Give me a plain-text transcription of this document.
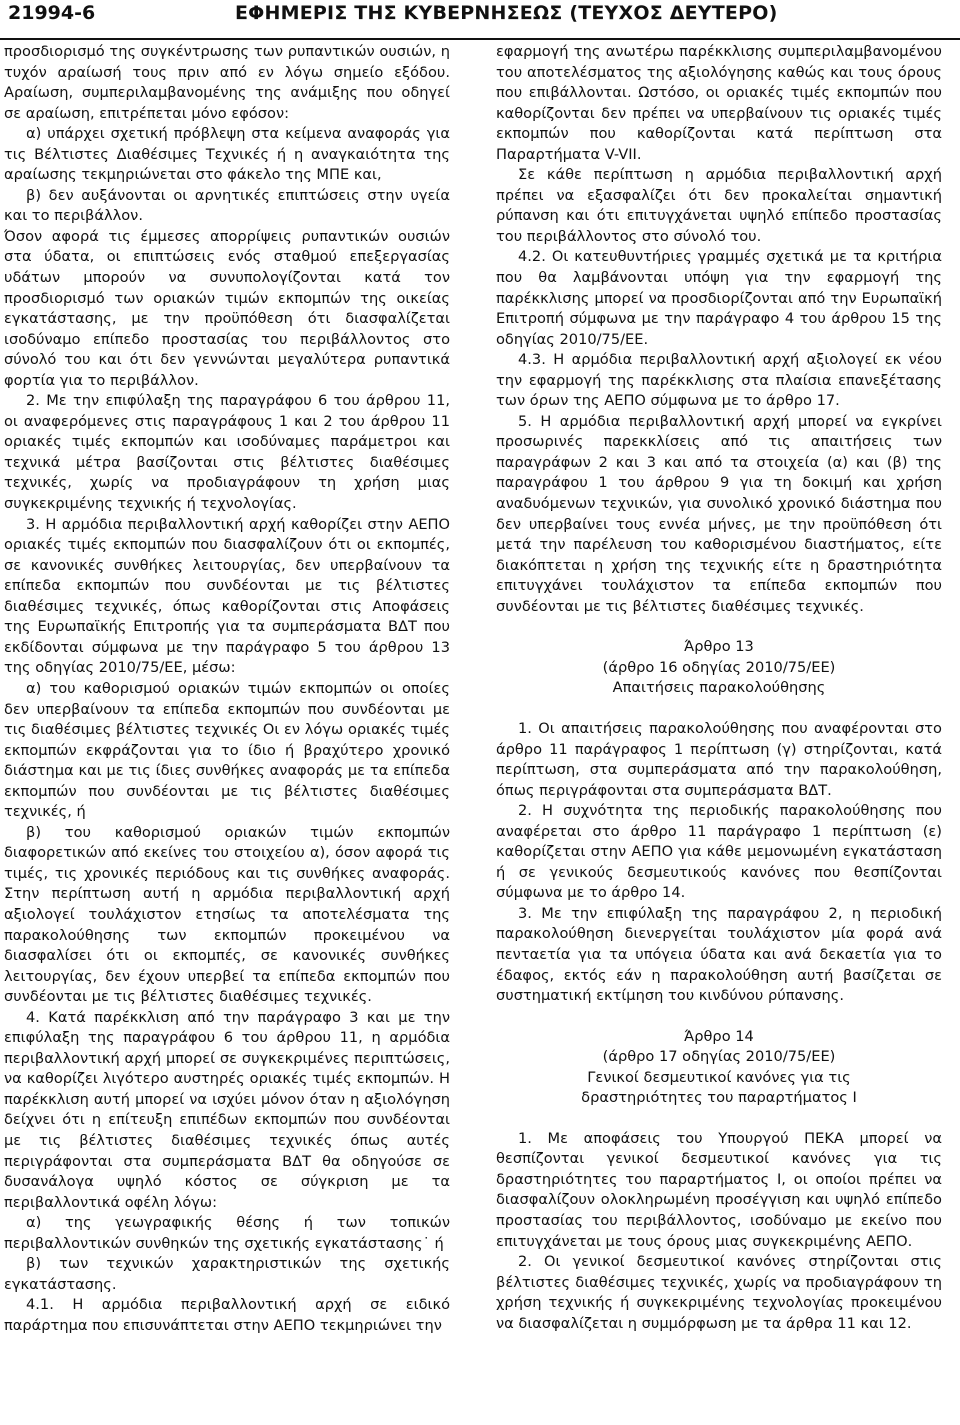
21994-6	ΕΦΗΜΕΡΙΣ ΤΗΣ ΚΥΒΕΡΝΗΣΕΩΣ (ΤΕΥΧΟΣ ΔΕΥΤΕΡΟ)

προσδιορισμό της συγκέντρωσης των ρυπαντικών ουσιών, η τυχόν αραίωσή τους πριν από εν λόγω σημείο εξόδου. Αραίωση, συμπεριλαμβανομένης της ανάμιξης που οδηγεί σε αραίωση, επιτρέπεται μόνο εφόσον:

α) υπάρχει σχετική πρόβλεψη στα κείμενα αναφοράς για τις Βέλτιστες Διαθέσιμες Τεχνικές ή η αναγκαιότητα της αραίωσης τεκμηριώνεται στο φάκελο της ΜΠΕ και,

β) δεν αυξάνονται οι αρνητικές επιπτώσεις στην υγεία και το περιβάλλον.

Όσον αφορά τις έμμεσες απορρίψεις ρυπαντικών ουσιών στα ύδατα, οι επιπτώσεις ενός σταθμού επεξεργασίας υδάτων μπορούν να συνυπολογίζονται κατά τον προσδιορισμό των οριακών τιμών εκπομπών της οικείας εγκατάστασης, με την προϋπόθεση ότι διασφαλίζεται ισοδύναμο επίπεδο προστασίας του περιβάλλοντος στο σύνολό του και ότι δεν γεννώνται μεγαλύτερα ρυπαντικά φορτία για το περιβάλλον.

2. Με την επιφύλαξη της παραγράφου 6 του άρθρου 11, οι αναφερόμενες στις παραγράφους 1 και 2 του άρθρου 11 οριακές τιμές εκπομπών και ισοδύναμες παράμετροι και τεχνικά μέτρα βασίζονται στις βέλτιστες διαθέσιμες τεχνικές, χωρίς να προδιαγράφουν τη χρήση μιας συγκεκριμένης τεχνικής ή τεχνολογίας.

3. Η αρμόδια περιβαλλοντική αρχή καθορίζει στην ΑΕΠΟ οριακές τιμές εκπομπών που διασφαλίζουν ότι οι εκπομπές, σε κανονικές συνθήκες λειτουργίας, δεν υπερβαίνουν τα επίπεδα εκπομπών που συνδέονται με τις βέλτιστες διαθέσιμες τεχνικές, όπως καθορίζονται στις Αποφάσεις της Ευρωπαϊκής Επιτροπής για τα συμπεράσματα ΒΔΤ που εκδίδονται σύμφωνα με την παράγραφο 5 του άρθρου 13 της οδηγίας 2010/75/ΕΕ, μέσω:

α) του καθορισμού οριακών τιμών εκπομπών οι οποίες δεν υπερβαίνουν τα επίπεδα εκπομπών που συνδέονται με τις διαθέσιμες βέλτιστες τεχνικές Οι εν λόγω οριακές τιμές εκπομπών εκφράζονται για το ίδιο ή βραχύτερο χρονικό διάστημα και με τις ίδιες συνθήκες αναφοράς με τα επίπεδα εκπομπών που συνδέονται με τις βέλτιστες διαθέσιμες τεχνικές, ή

β) του καθορισμού οριακών τιμών εκπομπών διαφορετικών από εκείνες του στοιχείου α), όσον αφορά τις τιμές, τις χρονικές περιόδους και τις συνθήκες αναφοράς. Στην περίπτωση αυτή η αρμόδια περιβαλλοντική αρχή αξιολογεί τουλάχιστον ετησίως τα αποτελέσματα της παρακολούθησης των εκπομπών προκειμένου να διασφαλίσει ότι οι εκπομπές, σε κανονικές συνθήκες λειτουργίας, δεν έχουν υπερβεί τα επίπεδα εκπομπών που συνδέονται με τις βέλτιστες διαθέσιμες τεχνικές.

4. Κατά παρέκκλιση από την παράγραφο 3 και με την επιφύλαξη της παραγράφου 6 του άρθρου 11, η αρμόδια περιβαλλοντική αρχή μπορεί σε συγκεκριμένες περιπτώσεις, να καθορίζει λιγότερο αυστηρές οριακές τιμές εκπομπών. Η παρέκκλιση αυτή μπορεί να ισχύει μόνον όταν η αξιολόγηση δείχνει ότι η επίτευξη επιπέδων εκπομπών που συνδέονται με τις βέλτιστες διαθέσιμες τεχνικές όπως αυτές περιγράφονται στα συμπεράσματα ΒΔΤ θα οδηγούσε σε δυσανάλογα υψηλό κόστος σε σύγκριση με τα περιβαλλοντικά οφέλη λόγω:

α) της γεωγραφικής θέσης ή των τοπικών περιβαλλοντικών συνθηκών της σχετικής εγκατάστασης˙ ή

β) των τεχνικών χαρακτηριστικών της σχετικής εγκατάστασης.

4.1. Η αρμόδια περιβαλλοντική αρχή σε ειδικό παράρτημα που επισυνάπτεται στην ΑΕΠΟ τεκμηριώνει την

εφαρμογή της ανωτέρω παρέκκλισης συμπεριλαμβανομένου του αποτελέσματος της αξιολόγησης καθώς και τους όρους που επιβάλλονται. Ωστόσο, οι οριακές τιμές εκπομπών που καθορίζονται δεν πρέπει να υπερβαίνουν τις οριακές τιμές εκπομπών που καθορίζονται κατά περίπτωση στα Παραρτήματα V-VII.

Σε κάθε περίπτωση η αρμόδια περιβαλλοντική αρχή πρέπει να εξασφαλίζει ότι δεν προκαλείται σημαντική ρύπανση και ότι επιτυγχάνεται υψηλό επίπεδο προστασίας του περιβάλλοντος στο σύνολό του.

4.2. Οι κατευθυντήριες γραμμές σχετικά με τα κριτήρια που θα λαμβάνονται υπόψη για την εφαρμογή της παρέκκλισης μπορεί να προσδιορίζονται από την Ευρωπαϊκή Επιτροπή σύμφωνα με την παράγραφο 4 του άρθρου 15 της οδηγίας 2010/75/ΕΕ.

4.3. Η αρμόδια περιβαλλοντική αρχή αξιολογεί εκ νέου την εφαρμογή της παρέκκλισης στα πλαίσια επανεξέτασης των όρων της ΑΕΠΟ σύμφωνα με το άρθρο 17.

5. Η αρμόδια περιβαλλοντική αρχή μπορεί να εγκρίνει προσωρινές παρεκκλίσεις από τις απαιτήσεις των παραγράφων 2 και 3 και από τα στοιχεία (α) και (β) της παραγράφου 1 του άρθρου 9 για τη δοκιμή και χρήση αναδυόμενων τεχνικών, για συνολικό χρονικό διάστημα που δεν υπερβαίνει τους εννέα μήνες, με την προϋπόθεση ότι μετά την παρέλευση του καθορισμένου διαστήματος, είτε διακόπτεται η χρήση της τεχνικής είτε η δραστηριότητα επιτυγχάνει τουλάχιστον τα επίπεδα εκπομπών που συνδέονται με τις βέλτιστες διαθέσιμες τεχνικές.

Άρθρο 13

(άρθρο 16 οδηγίας 2010/75/ΕΕ)

Απαιτήσεις παρακολούθησης

1. Οι απαιτήσεις παρακολούθησης που αναφέρονται στο άρθρο 11 παράγραφος 1 περίπτωση (γ) στηρίζονται, κατά περίπτωση, στα συμπεράσματα από την παρακολούθηση, όπως περιγράφονται στα συμπεράσματα ΒΔΤ.

2. Η συχνότητα της περιοδικής παρακολούθησης που αναφέρεται στο άρθρο 11 παράγραφο 1 περίπτωση (ε) καθορίζεται στην ΑΕΠΟ για κάθε μεμονωμένη εγκατάσταση ή σε γενικούς δεσμευτικούς κανόνες που θεσπίζονται σύμφωνα με το άρθρο 14.

3. Με την επιφύλαξη της παραγράφου 2, η περιοδική παρακολούθηση διενεργείται τουλάχιστον μία φορά ανά πενταετία για τα υπόγεια ύδατα και ανά δεκαετία για το έδαφος, εκτός εάν η παρακολούθηση αυτή βασίζεται σε συστηματική εκτίμηση του κινδύνου ρύπανσης.

Άρθρο 14

(άρθρο 17 οδηγίας 2010/75/ΕΕ)

Γενικοί δεσμευτικοί κανόνες για τις

δραστηριότητες του παραρτήματος Ι

1. Με αποφάσεις του Υπουργού ΠΕΚΑ μπορεί να θεσπίζονται γενικοί δεσμευτικοί κανόνες για τις δραστηριότητες του παραρτήματος Ι, οι οποίοι πρέπει να διασφαλίζουν ολοκληρωμένη προσέγγιση και υψηλό επίπεδο προστασίας του περιβάλλοντος, ισοδύναμο με εκείνο που επιτυγχάνεται με τους όρους μιας συγκεκριμένης ΑΕΠΟ.

2. Οι γενικοί δεσμευτικοί κανόνες στηρίζονται στις βέλτιστες διαθέσιμες τεχνικές, χωρίς να προδιαγράφουν τη χρήση τεχνικής ή συγκεκριμένης τεχνολογίας προκειμένου να διασφαλίζεται η συμμόρφωση με τα άρθρα 11 και 12.
